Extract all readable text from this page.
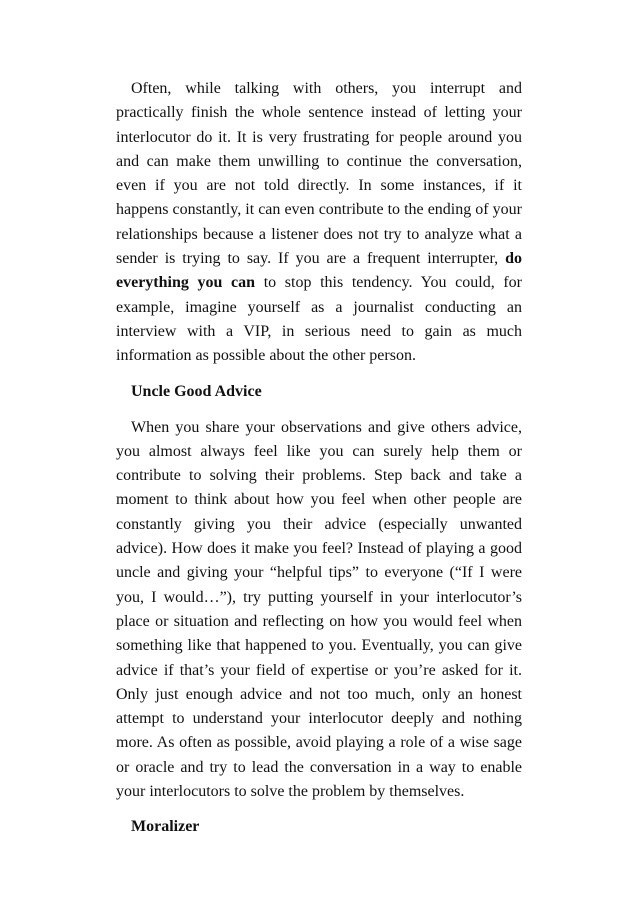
Often, while talking with others, you interrupt and practically finish the whole sentence instead of letting your interlocutor do it. It is very frustrating for people around you and can make them unwilling to continue the conversation, even if you are not told directly. In some instances, if it happens constantly, it can even contribute to the ending of your relationships because a listener does not try to analyze what a sender is trying to say. If you are a frequent interrupter, do everything you can to stop this tendency. You could, for example, imagine yourself as a journalist conducting an interview with a VIP, in serious need to gain as much information as possible about the other person.

Uncle Good Advice

When you share your observations and give others advice, you almost always feel like you can surely help them or contribute to solving their problems. Step back and take a moment to think about how you feel when other people are constantly giving you their advice (especially unwanted advice). How does it make you feel? Instead of playing a good uncle and giving your “helpful tips” to everyone (“If I were you, I would…”), try putting yourself in your interlocutor’s place or situation and reflecting on how you would feel when something like that happened to you. Eventually, you can give advice if that’s your field of expertise or you’re asked for it. Only just enough advice and not too much, only an honest attempt to understand your interlocutor deeply and nothing more. As often as possible, avoid playing a role of a wise sage or oracle and try to lead the conversation in a way to enable your interlocutors to solve the problem by themselves.

Moralizer
